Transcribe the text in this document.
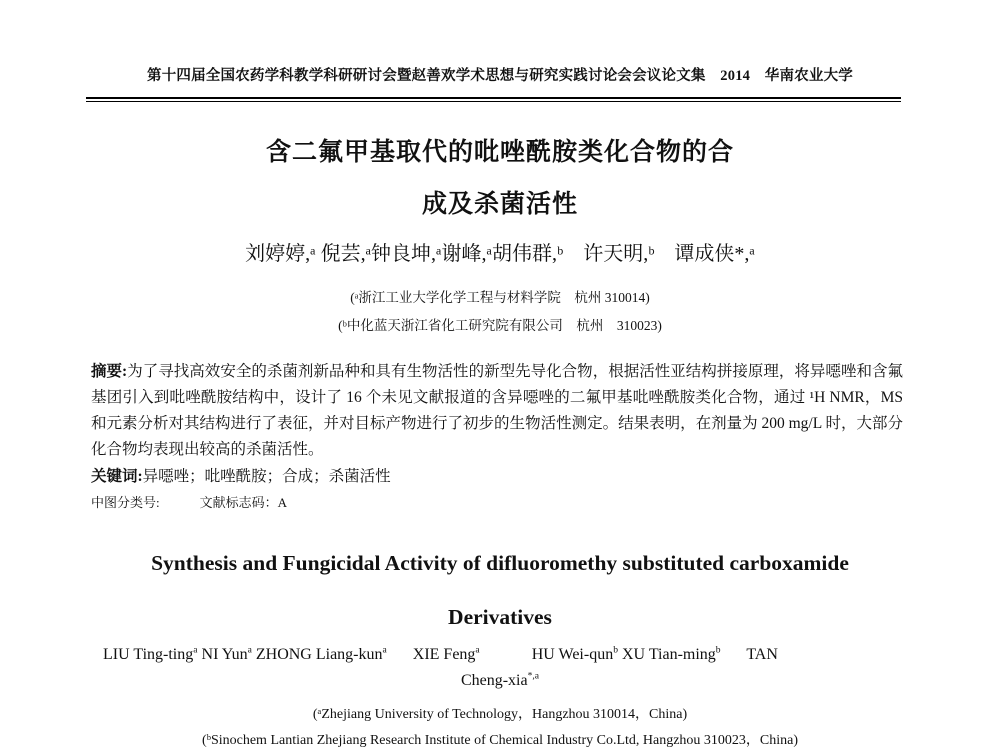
第十四届全国农药学科教学科研研讨会暨赵善欢学术思想与研究实践讨论会会议论文集　2014　华南农业大学
含二氟甲基取代的吡唑酰胺类化合物的合
成及杀菌活性
刘婷婷,ᵃ 倪芸,ᵃ钟良坤,ᵃ谢峰,ᵃ胡伟群,ᵇ　许天明,ᵇ　谭成侠*,ᵃ
(ᵃ浙江工业大学化学工程与材料学院　杭州 310014)
(ᵇ中化蓝天浙江省化工研究院有限公司　杭州　310023)
摘要:为了寻找高效安全的杀菌剂新品种和具有生物活性的新型先导化合物，根据活性亚结构拼接原理，将异噁唑和含氟基团引入到吡唑酰胺结构中，设计了 16 个未见文献报道的含异噁唑的二氟甲基吡唑酰胺类化合物，通过 ¹H NMR，MS 和元素分析对其结构进行了表征，并对目标产物进行了初步的生物活性测定。结果表明，在剂量为 200 mg/L 时，大部分化合物均表现出较高的杀菌活性。
关键词:异噁唑；吡唑酰胺；合成；杀菌活性
中图分类号:	文献标志码：A
Synthesis and Fungicidal Activity of difluoromethy substituted carboxamide
Derivatives
LIU Ting-ting$^a$ NI Yun$^a$ ZHONG Liang-kun$^a$ XIE Feng$^a$	HU Wei-qun$^b$ XU Tian-ming$^b$ TAN
Cheng-xia$^{*,a}$
(ᵃZhejiang University of Technology，Hangzhou 310014，China)
(ᵇSinochem Lantian Zhejiang Research Institute of Chemical Industry Co.Ltd, Hangzhou 310023，China)
